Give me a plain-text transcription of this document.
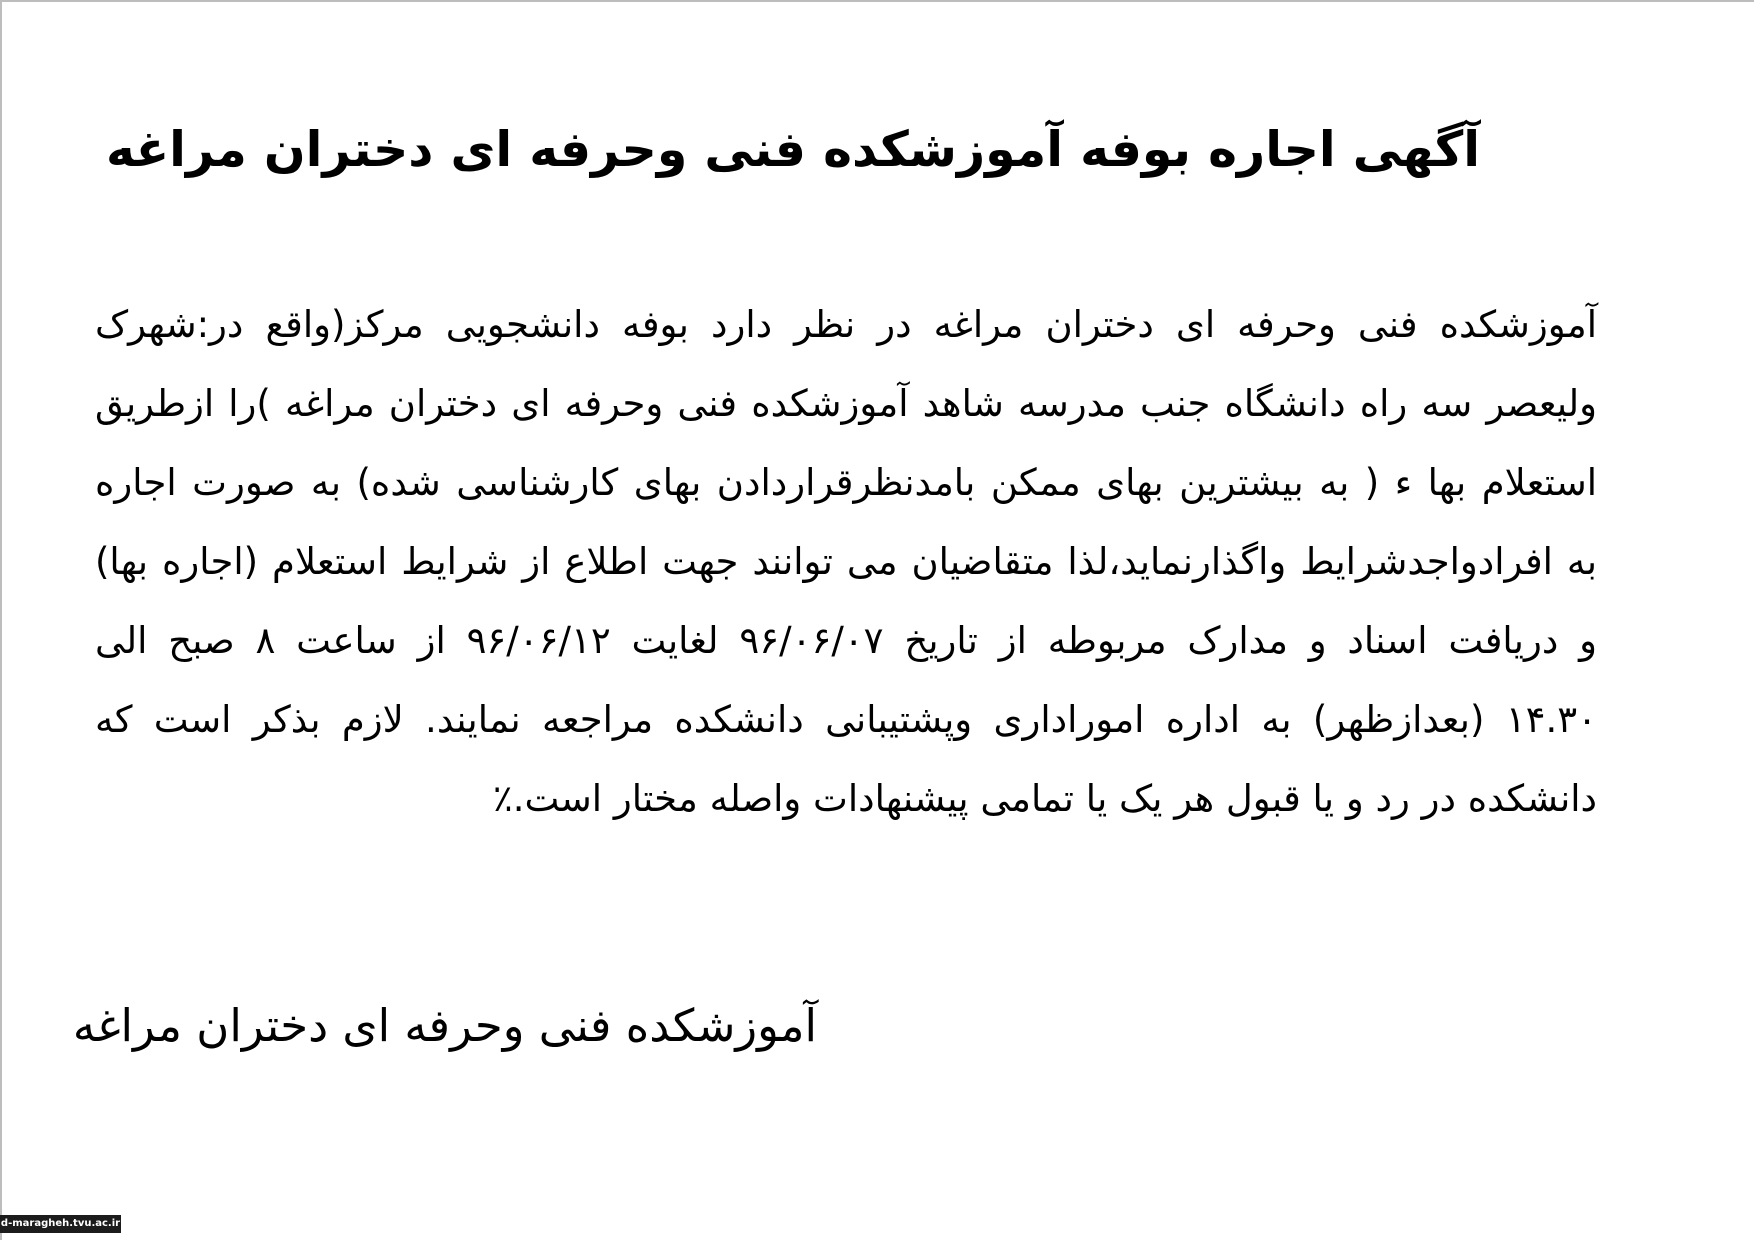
آگهی اجاره بوفه آموزشکده فنی وحرفه ای دختران مراغه
آموزشکده فنی وحرفه ای دختران مراغه در نظر دارد بوفه دانشجویی مرکز(واقع در:شهرک
ولیعصر سه راه دانشگاه جنب مدرسه شاهد آموزشکده فنی وحرفه ای دختران مراغه )را ازطریق
استعلام بها ء ( به بیشترین بهای ممکن بامدنظرقراردادن بهای کارشناسی شده) به صورت اجاره
به افرادواجدشرایط واگذارنماید،لذا متقاضیان می توانند جهت اطلاع از شرایط استعلام (اجاره بها)
و دریافت اسناد و مدارک مربوطه از تاریخ ۹۶/۰۶/۰۷ لغایت ۹۶/۰۶/۱۲ از ساعت ۸ صبح الی
۱۴.۳۰ (بعدازظهر) به اداره اموراداری وپشتیبانی دانشکده مراجعه نمایند. لازم بذکر است که
دانشکده در رد و یا قبول هر یک یا تمامی پیشنهادات واصله مختار است.٪
آموزشکده فنی وحرفه ای دختران مراغه
d-maragheh.tvu.ac.ir
